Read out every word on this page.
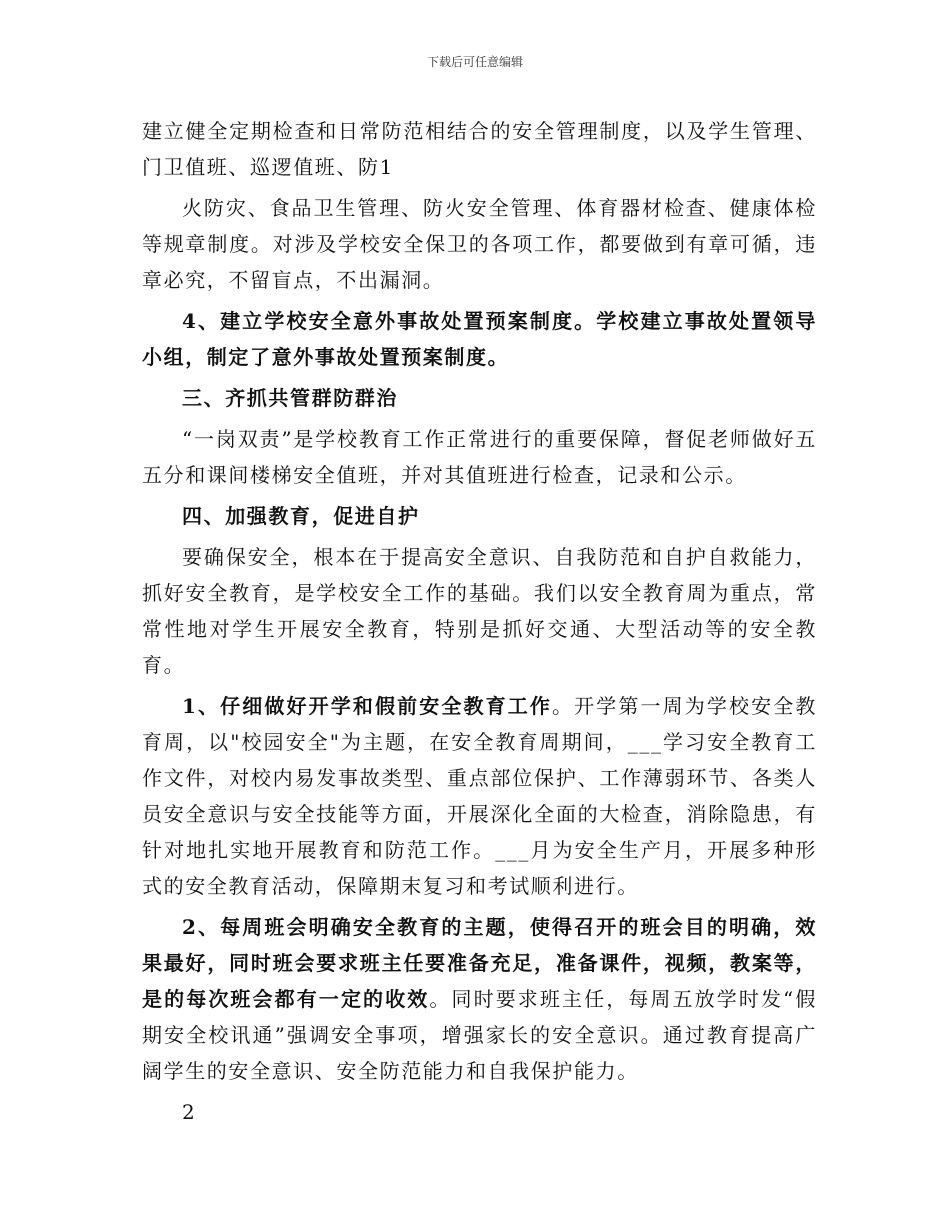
下载后可任意编辑

建立健全定期检查和日常防范相结合的安全管理制度，以及学生管理、门卫值班、巡逻值班、防1

火防灾、食品卫生管理、防火安全管理、体育器材检查、健康体检等规章制度。对涉及学校安全保卫的各项工作，都要做到有章可循，违章必究，不留盲点，不出漏洞。

4、建立学校安全意外事故处置预案制度。学校建立事故处置领导小组，制定了意外事故处置预案制度。

三、齐抓共管群防群治

“一岗双责”是学校教育工作正常进行的重要保障，督促老师做好五五分和课间楼梯安全值班，并对其值班进行检查，记录和公示。

四、加强教育，促进自护

要确保安全，根本在于提高安全意识、自我防范和自护自救能力，抓好安全教育，是学校安全工作的基础。我们以安全教育周为重点，常常性地对学生开展安全教育，特别是抓好交通、大型活动等的安全教育。

1、仔细做好开学和假前安全教育工作。开学第一周为学校安全教育周，以"校园安全"为主题，在安全教育周期间，___学习安全教育工作文件，对校内易发事故类型、重点部位保护、工作薄弱环节、各类人员安全意识与安全技能等方面，开展深化全面的大检查，消除隐患，有针对地扎实地开展教育和防范工作。___月为安全生产月，开展多种形式的安全教育活动，保障期末复习和考试顺利进行。

2、每周班会明确安全教育的主题，使得召开的班会目的明确，效果最好，同时班会要求班主任要准备充足，准备课件，视频，教案等，是的每次班会都有一定的收效。同时要求班主任，每周五放学时发“假期安全校讯通”强调安全事项，增强家长的安全意识。通过教育提高广阔学生的安全意识、安全防范能力和自我保护能力。

2
